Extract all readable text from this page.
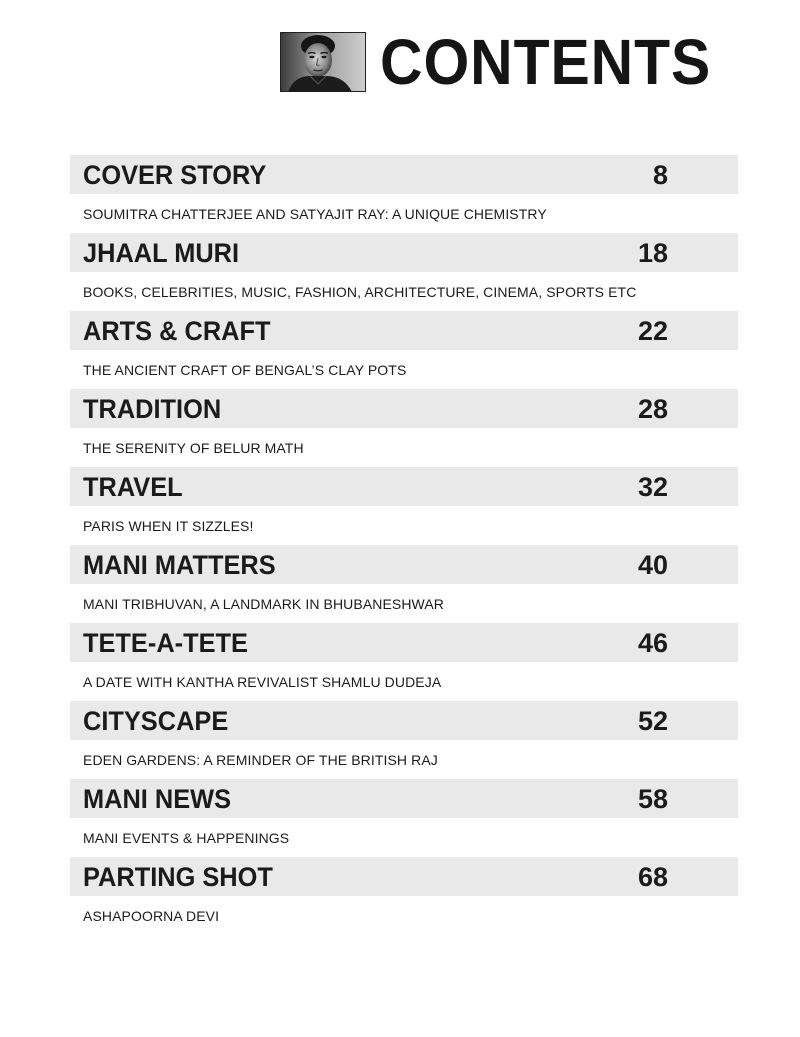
CONTENTS
COVER STORY	8
SOUMITRA CHATTERJEE AND SATYAJIT RAY: A UNIQUE CHEMISTRY
JHAAL MURI	18
BOOKS, CELEBRITIES, MUSIC, FASHION, ARCHITECTURE, CINEMA, SPORTS ETC
ARTS & CRAFT	22
THE ANCIENT CRAFT OF BENGAL’S CLAY POTS
TRADITION	28
THE SERENITY OF BELUR MATH
TRAVEL	32
PARIS WHEN IT SIZZLES!
MANI MATTERS	40
MANI TRIBHUVAN, A LANDMARK IN BHUBANESHWAR
TETE-A-TETE	46
A DATE WITH KANTHA REVIVALIST SHAMLU DUDEJA
CITYSCAPE	52
EDEN GARDENS: A REMINDER OF THE BRITISH RAJ
MANI NEWS	58
MANI EVENTS & HAPPENINGS
PARTING SHOT	68
ASHAPOORNA DEVI
